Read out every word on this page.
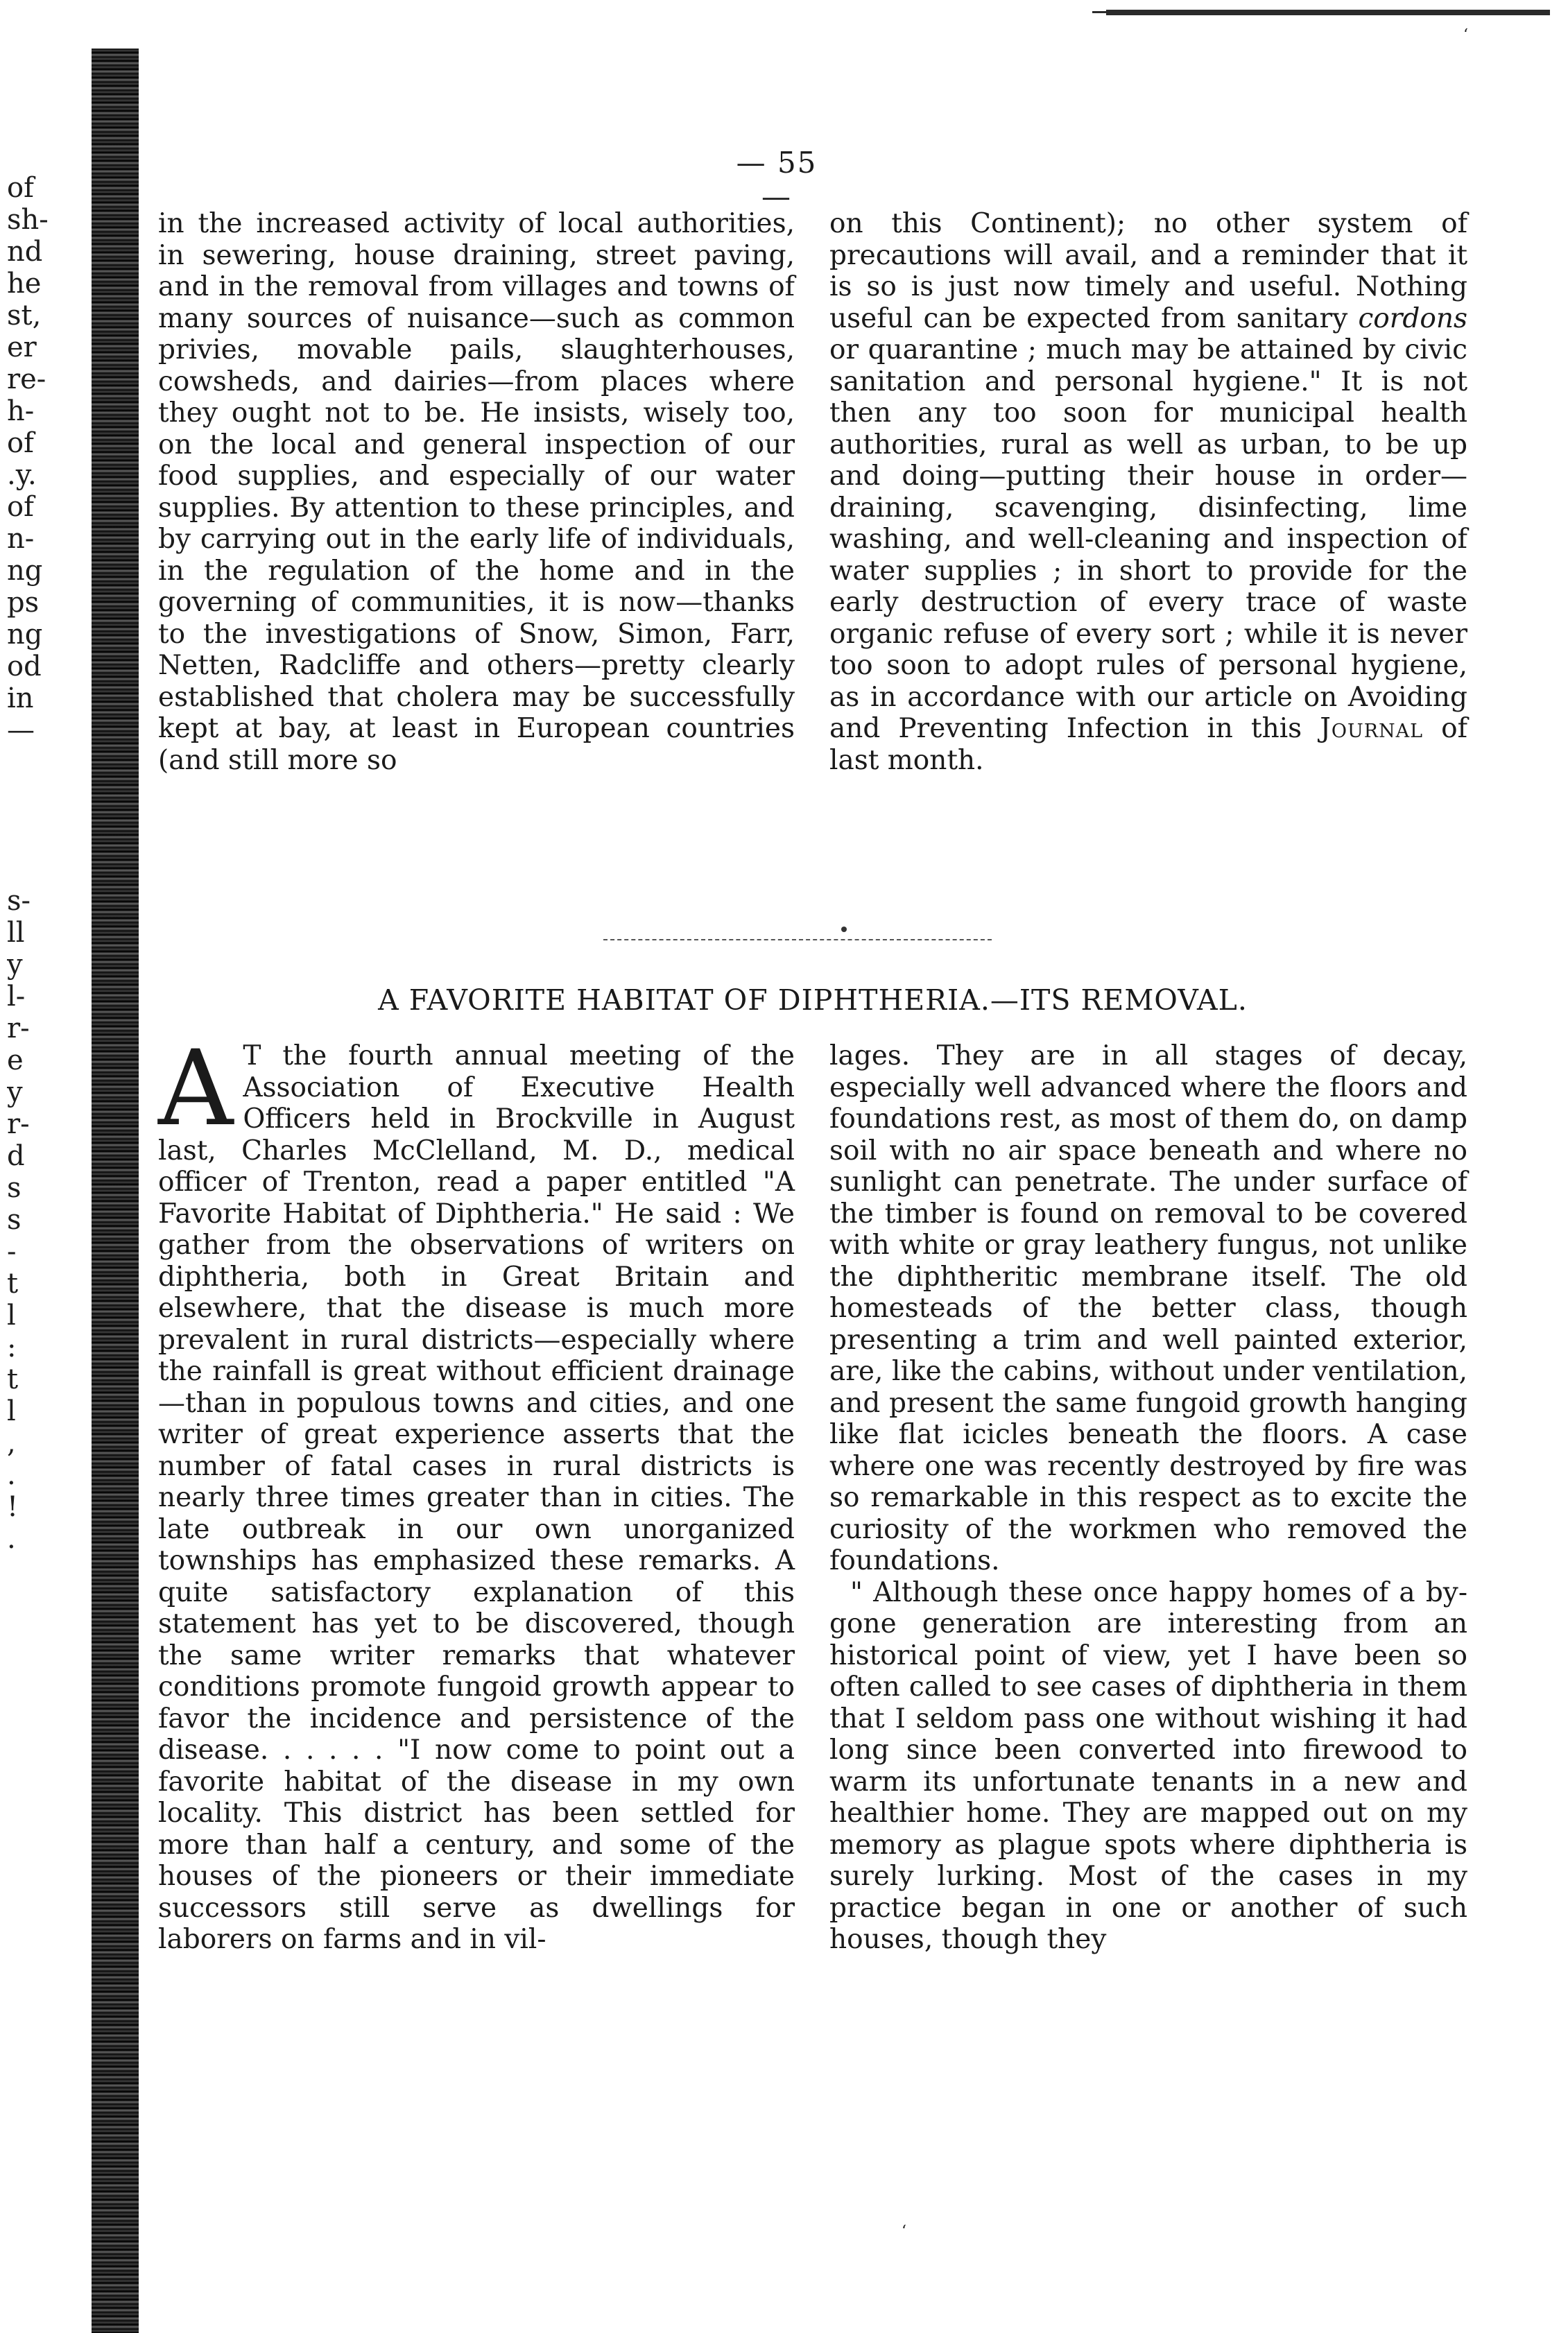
‘
of
sh-
nd
he
st,
er
re-
h-
of
.y.
of
n-
ng
ps
ng
od
in
—
s-
ll
y
l-
r-
e
y
r-
d
s
s
-
t
l
:
t
l
,
.
!
.
— 55 —

in the increased activity of local authorities, in sewering, house draining, street paving, and in the removal from villages and towns of many sources of nuisance—such as common privies, movable pails, slaughterhouses, cowsheds, and dairies—from places where they ought not to be. He insists, wisely too, on the local and general inspection of our food supplies, and especially of our water supplies. By attention to these principles, and by carrying out in the early life of individuals, in the regulation of the home and in the governing of communities, it is now—thanks to the investigations of Snow, Simon, Farr, Netten, Radcliffe and others—pretty clearly established that cholera may be successfully kept at bay, at least in European countries (and still more so

on this Continent); no other system of precautions will avail, and a reminder that it is so is just now timely and useful. Nothing useful can be expected from sanitary cordons or quarantine ; much may be attained by civic sanitation and personal hygiene." It is not then any too soon for municipal health authorities, rural as well as urban, to be up and doing—putting their house in order—draining, scavenging, disinfecting, lime washing, and well-cleaning and inspection of water supplies ; in short to provide for the early destruction of every trace of waste organic refuse of every sort ; while it is never too soon to adopt rules of personal hygiene, as in accordance with our article on Avoiding and Preventing Infection in this Journal of last month.

A FAVORITE HABITAT OF DIPHTHERIA.—ITS REMOVAL.

A T the fourth annual meeting of the Association of Executive Health Officers held in Brockville in August last, Charles McClelland, M. D., medical officer of Trenton, read a paper entitled "A Favorite Habitat of Diphtheria." He said : We gather from the observations of writers on diphtheria, both in Great Britain and elsewhere, that the disease is much more prevalent in rural districts—especially where the rainfall is great without efficient drainage—than in populous towns and cities, and one writer of great experience asserts that the number of fatal cases in rural districts is nearly three times greater than in cities. The late outbreak in our own unorganized townships has emphasized these remarks. A quite satisfactory explanation of this statement has yet to be discovered, though the same writer remarks that whatever conditions promote fungoid growth appear to favor the incidence and persistence of the disease. . . . . . "I now come to point out a favorite habitat of the disease in my own locality. This district has been settled for more than half a century, and some of the houses of the pioneers or their immediate successors still serve as dwellings for laborers on farms and in vil-

lages. They are in all stages of decay, especially well advanced where the floors and foundations rest, as most of them do, on damp soil with no air space beneath and where no sunlight can penetrate. The under surface of the timber is found on removal to be covered with white or gray leathery fungus, not unlike the diphtheritic membrane itself. The old homesteads of the better class, though presenting a trim and well painted exterior, are, like the cabins, without under ventilation, and present the same fungoid growth hanging like flat icicles beneath the floors. A case where one was recently destroyed by fire was so remarkable in this respect as to excite the curiosity of the workmen who removed the foundations.

" Although these once happy homes of a by-gone generation are interesting from an historical point of view, yet I have been so often called to see cases of diphtheria in them that I seldom pass one without wishing it had long since been converted into firewood to warm its unfortunate tenants in a new and healthier home. They are mapped out on my memory as plague spots where diphtheria is surely lurking. Most of the cases in my practice began in one or another of such houses, though they

‘
